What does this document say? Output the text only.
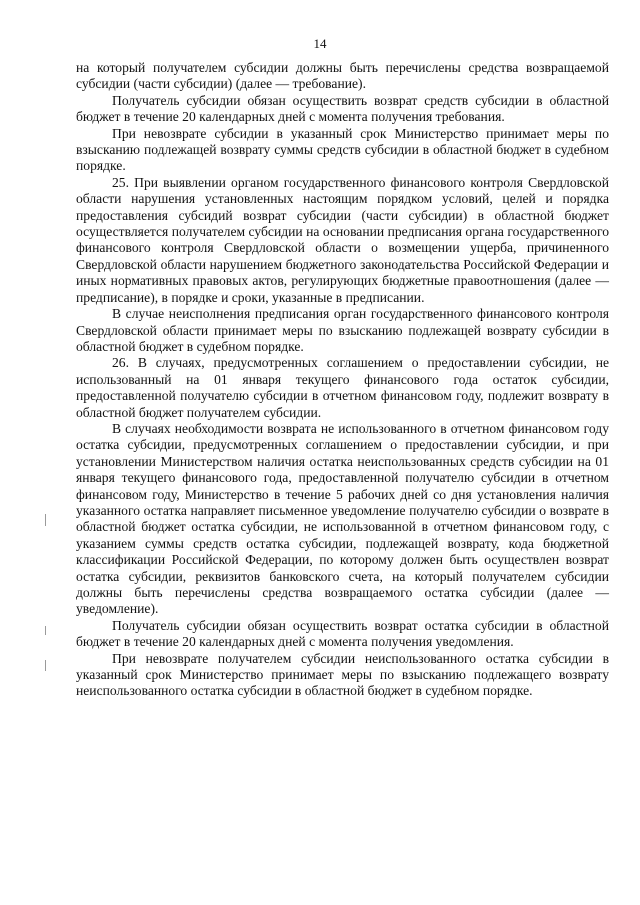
14

на который получателем субсидии должны быть перечислены средства возвращаемой субсидии (части субсидии) (далее — требование).

Получатель субсидии обязан осуществить возврат средств субсидии в областной бюджет в течение 20 календарных дней с момента получения требования.

При невозврате субсидии в указанный срок Министерство принимает меры по взысканию подлежащей возврату суммы средств субсидии в областной бюджет в судебном порядке.

25. При выявлении органом государственного финансового контроля Свердловской области нарушения установленных настоящим порядком условий, целей и порядка предоставления субсидий возврат субсидии (части субсидии) в областной бюджет осуществляется получателем субсидии на основании предписания органа государственного финансового контроля Свердловской области о возмещении ущерба, причиненного Свердловской области нарушением бюджетного законодательства Российской Федерации и иных нормативных правовых актов, регулирующих бюджетные правоотношения (далее — предписание), в порядке и сроки, указанные в предписании.

В случае неисполнения предписания орган государственного финансового контроля Свердловской области принимает меры по взысканию подлежащей возврату субсидии в областной бюджет в судебном порядке.

26. В случаях, предусмотренных соглашением о предоставлении субсидии, не использованный на 01 января текущего финансового года остаток субсидии, предоставленной получателю субсидии в отчетном финансовом году, подлежит возврату в областной бюджет получателем субсидии.

В случаях необходимости возврата не использованного в отчетном финансовом году остатка субсидии, предусмотренных соглашением о предоставлении субсидии, и при установлении Министерством наличия остатка неиспользованных средств субсидии на 01 января текущего финансового года, предоставленной получателю субсидии в отчетном финансовом году, Министерство в течение 5 рабочих дней со дня установления наличия указанного остатка направляет письменное уведомление получателю субсидии о возврате в областной бюджет остатка субсидии, не использованной в отчетном финансовом году, с указанием суммы средств остатка субсидии, подлежащей возврату, кода бюджетной классификации Российской Федерации, по которому должен быть осуществлен возврат остатка субсидии, реквизитов банковского счета, на который получателем субсидии должны быть перечислены средства возвращаемого остатка субсидии (далее — уведомление).

Получатель субсидии обязан осуществить возврат остатка субсидии в областной бюджет в течение 20 календарных дней с момента получения уведомления.

При невозврате получателем субсидии неиспользованного остатка субсидии в указанный срок Министерство принимает меры по взысканию подлежащего возврату неиспользованного остатка субсидии в областной бюджет в судебном порядке.
